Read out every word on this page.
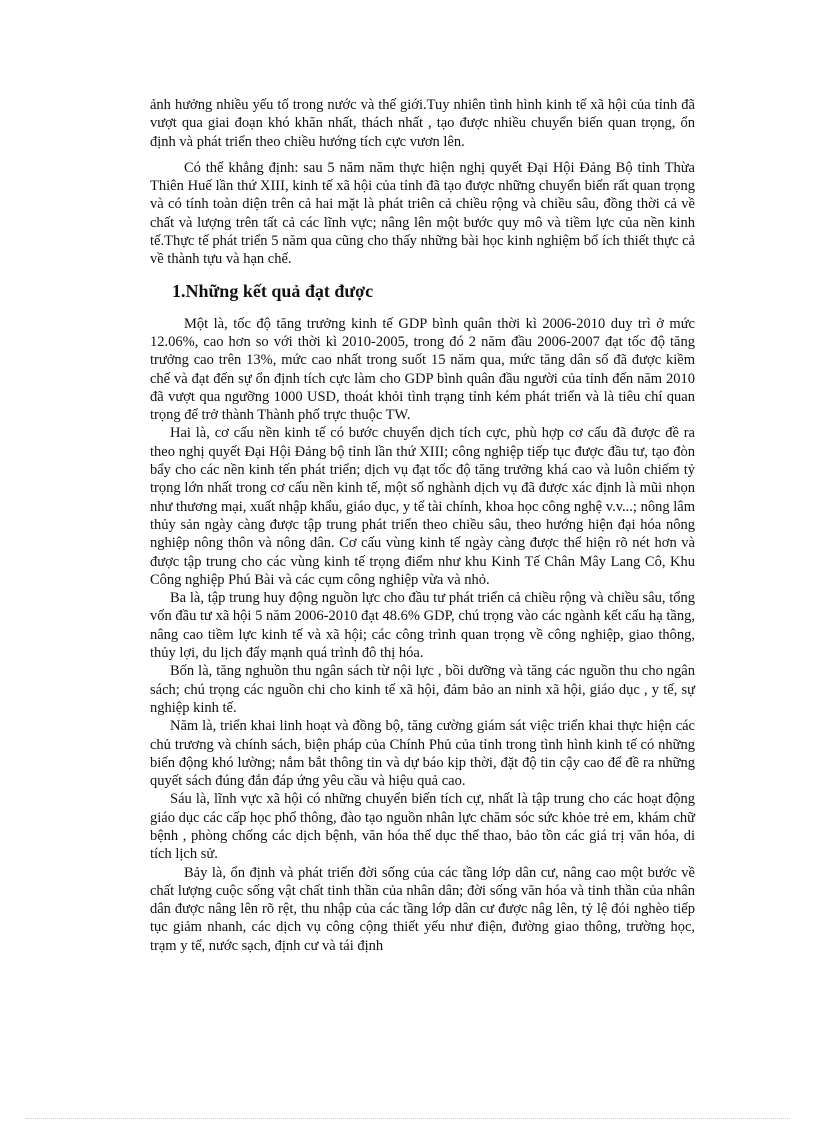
ảnh hưởng nhiều yếu tố trong nước và thế giới.Tuy nhiên tình hình kinh tế xã hội của tỉnh đã vượt qua giai đoạn khó khăn nhất, thách nhất , tạo được nhiều chuyển biến quan trọng, ổn định và phát triển theo chiều hướng tích cực vươn lên.

Có thể khẳng định: sau 5 năm năm thực hiện nghị quyết Đại Hội Đảng Bộ tỉnh Thừa Thiên Huế lần thứ XIII, kinh tế xã hội của tỉnh đã tạo được những chuyển biến rất quan trọng và có tính toàn diện trên cả hai mặt là phát triên cả chiều rộng và chiều sâu, đồng thời cả về chất và lượng trên tất cả các lĩnh vực; nâng lên một bước quy mô và tiềm lực của nền kinh tế.Thực tế phát triển 5 năm qua cũng cho thấy những bài học kinh nghiệm bổ ích thiết thực cả về thành tựu và hạn chế.

1.Những kết quả đạt được

Một là, tốc độ tăng trưởng kinh tế GDP bình quân thời kì 2006-2010 duy trì ở mức 12.06%, cao hơn so với thời kì 2010-2005, trong đó 2 năm đầu 2006-2007 đạt tốc độ tăng trưởng cao trên 13%, mức cao nhất trong suốt 15 năm qua, mức tăng dân số đã được kiềm chế và đạt đến sự ổn định tích cực làm cho GDP bình quân đầu người của tỉnh đến năm 2010 đã vượt qua ngưỡng 1000 USD, thoát khỏi tình trạng tỉnh kém phát triển và là tiêu chí quan trọng để trở thành Thành phố trực thuộc TW.

Hai là, cơ cấu nền kinh tế có bước chuyển dịch tích cực, phù hợp cơ cấu đã được đề ra theo nghị quyết Đại Hội Đảng bộ tỉnh lần thứ XIII; công nghiệp tiếp tục được đầu tư, tạo đòn bẩy cho các nền kinh tến phát triển; dịch vụ đạt tốc độ tăng trưởng khá cao và luôn chiếm tỷ trọng lớn nhất trong cơ cấu nền kinh tế, một số nghành dịch vụ đã được xác định là mũi nhọn như thương mại, xuất nhập khẩu, giáo dục, y tế tài chính, khoa học công nghệ v.v...; nông lâm thủy sản ngày càng được tập trung phát triển theo chiều sâu, theo hướng hiện đại hóa nông nghiệp nông thôn và nông dân. Cơ cấu vùng kinh tế ngày càng được thể hiện rõ nét hơn và được tập trung cho các vùng kinh tế trọng điểm như khu Kinh Tế Chân Mây Lang Cô, Khu Công nghiệp Phú Bài và các cụm công nghiệp vừa và nhỏ.

Ba là, tập trung huy động nguồn lực cho đầu tư phát triển cả chiều rộng và chiều sâu, tổng vốn đầu tư xã hội 5 năm 2006-2010 đạt 48.6% GDP, chú trọng vào các ngành kết cấu hạ tầng, nâng cao tiềm lực kinh tế và xã hội; các công trình quan trọng về công nghiệp, giao thông, thủy lợi, du lịch đẩy mạnh quá trình đô thị hóa.

Bốn là, tăng nghuồn thu ngân sách từ nội lực , bồi dưỡng và tăng các nguồn thu cho ngân sách; chú trọng các nguồn chi cho kinh tế xã hội, đảm bảo an ninh xã hội, giáo dục , y tế, sự nghiệp kinh tế.

Năm là, triển khai linh hoạt và đồng bộ, tăng cường giám sát việc triển khai thực hiện các chủ trương và chính sách, biện pháp của Chính Phủ của tỉnh trong tình hình kinh tế có những biến động khó lường; nắm bắt thông tin và dự báo kịp thời, đặt độ tin cậy cao để đề ra những quyết sách đúng đắn đáp ứng yêu cầu và hiệu quả cao.

Sáu là, lĩnh vực xã hội có những chuyển biến tích cự, nhất là tập trung cho các hoạt động giáo dục các cấp học phổ thông, đào tạo nguồn nhân lực chăm sóc sức khỏe trẻ em, khám chữ bệnh , phòng chống các dịch bệnh, văn hóa thể dục thể thao, bảo tồn các giá trị văn hóa, di tích lịch sử.

Bảy là, ổn định và phát triển đời sống của các tầng lớp dân cư, nâng cao một bước về chất lượng cuộc sống vật chất tinh thần của nhân dân; đời sống văn hóa và tinh thần của nhân dân được nâng lên rõ rệt, thu nhập của các tầng lớp dân cư được nâg lên, tỷ lệ đói nghèo tiếp tục giảm nhanh, các dịch vụ công cộng thiết yếu như điện, đường giao thông, trường học, trạm y tế, nước sạch, định cư và tái định
